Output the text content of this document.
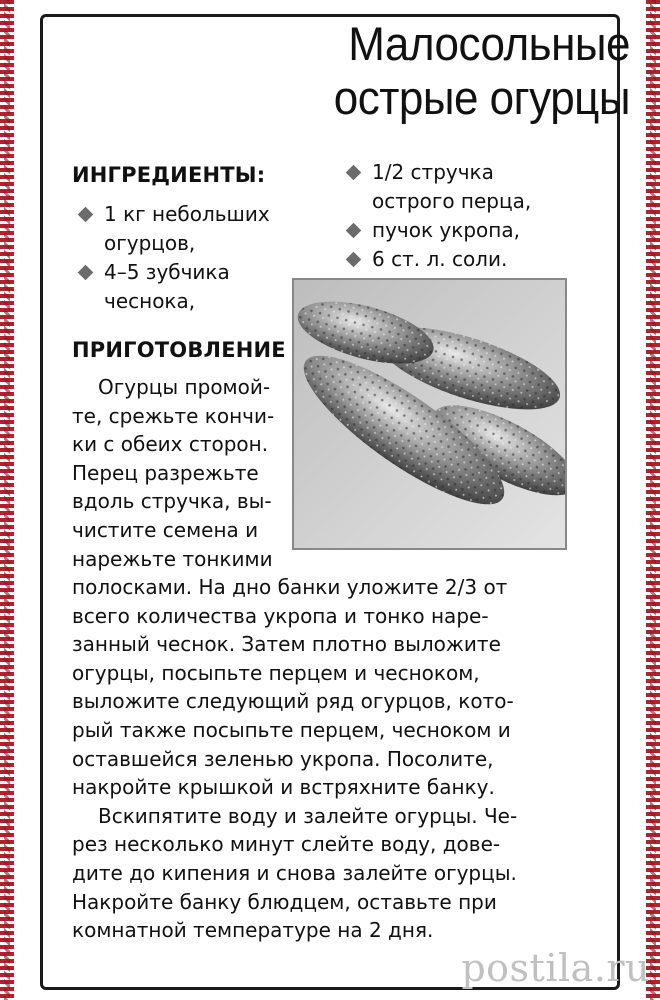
Малосольные
острые огурцы
ИНГРЕДИЕНТЫ:
1 кг небольших
огурцов,
4–5 зубчика
чеснока,
1/2 стручка
острого перца,
пучок укропа,
6 ст. л. соли.
ПРИГОТОВЛЕНИЕ
Огурцы промой-
те, срежьте кончи-
ки с обеих сторон.
Перец разрежьте
вдоль стручка, вы-
чистите семена и
нарежьте тонкими
полосками. На дно банки уложите 2/3 от
всего количества укропа и тонко наре-
занный чеснок. Затем плотно выложите
огурцы, посыпьте перцем и чесноком,
выложите следующий ряд огурцов, кото-
рый также посыпьте перцем, чесноком и
оставшейся зеленью укропа. Посолите,
накройте крышкой и встряхните банку.
Вскипятите воду и залейте огурцы. Че-
рез несколько минут слейте воду, дове-
дите до кипения и снова залейте огурцы.
Накройте банку блюдцем, оставьте при
комнатной температуре на 2 дня.
postila.ru
